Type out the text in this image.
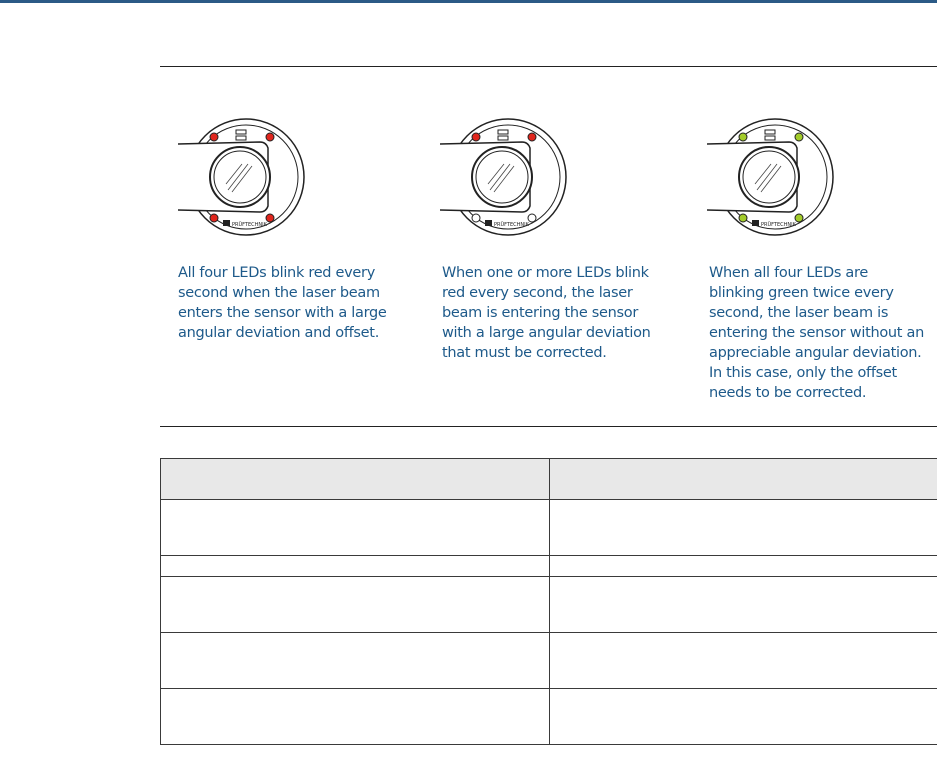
PRÜFTECHNIK
All four LEDs blink red every
second when the laser beam
enters the sensor with a large
angular deviation and offset.
PRÜFTECHNIK
When one or more LEDs blink
red every second, the laser
beam is entering the sensor
with a large angular deviation
that must be corrected.
PRÜFTECHNIK
When all four LEDs are
blinking green twice every
second, the laser beam is
entering the sensor without an
appreciable angular deviation.
In this case, only the offset
needs to be corrected.
